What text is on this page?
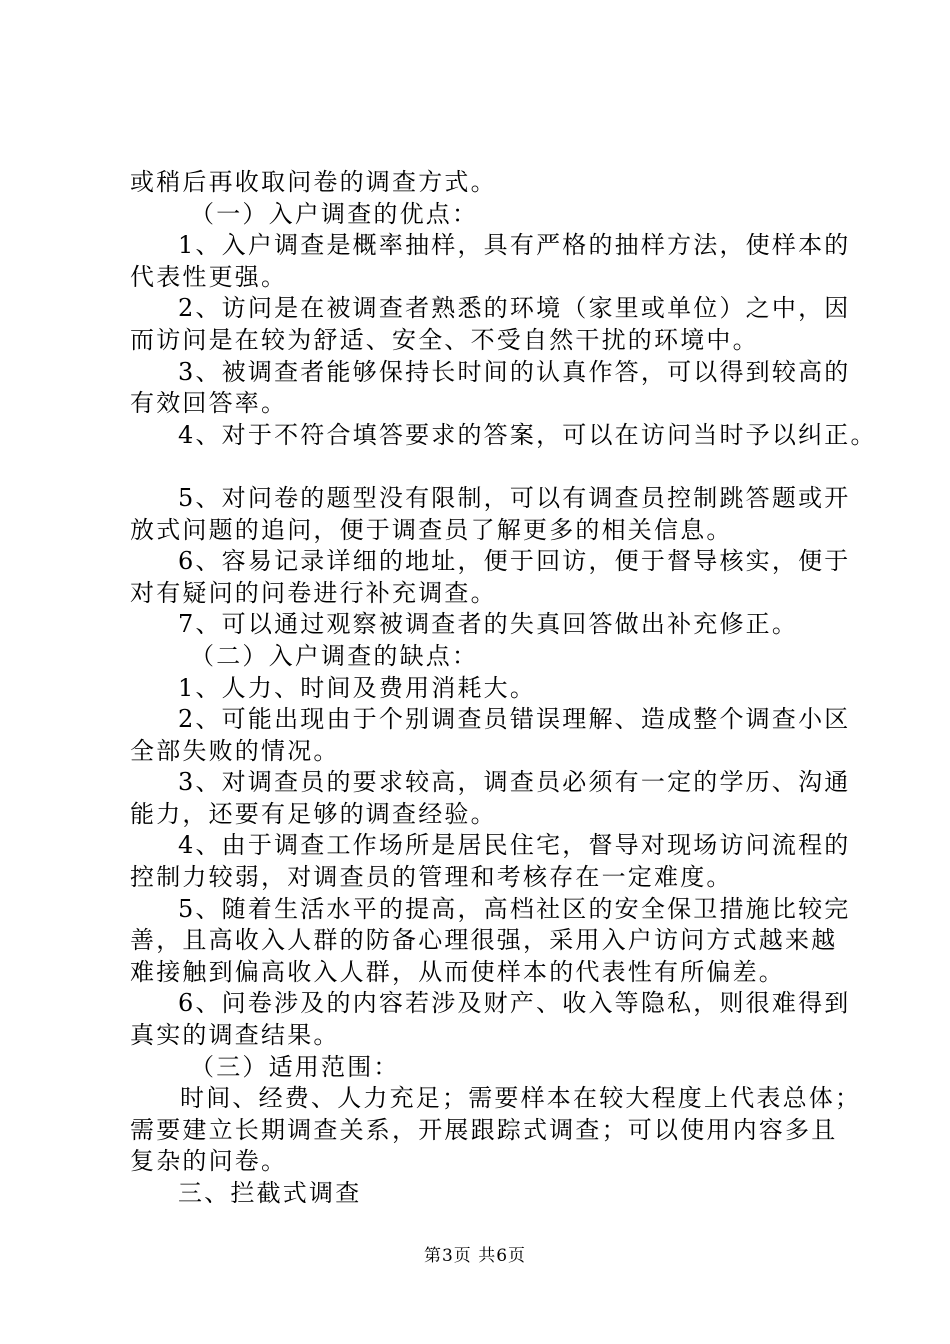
或稍后再收取问卷的调查方式。
（一）入户调查的优点：
1、入户调查是概率抽样，具有严格的抽样方法，使样本的
代表性更强。
2、访问是在被调查者熟悉的环境（家里或单位）之中，因
而访问是在较为舒适、安全、不受自然干扰的环境中。
3、被调查者能够保持长时间的认真作答，可以得到较高的
有效回答率。
4、对于不符合填答要求的答案，可以在访问当时予以纠正。
5、对问卷的题型没有限制，可以有调查员控制跳答题或开
放式问题的追问，便于调查员了解更多的相关信息。
6、容易记录详细的地址，便于回访，便于督导核实，便于
对有疑问的问卷进行补充调查。
7、可以通过观察被调查者的失真回答做出补充修正。
（二）入户调查的缺点：
1、人力、时间及费用消耗大。
2、可能出现由于个别调查员错误理解、造成整个调查小区
全部失败的情况。
3、对调查员的要求较高，调查员必须有一定的学历、沟通
能力，还要有足够的调查经验。
4、由于调查工作场所是居民住宅，督导对现场访问流程的
控制力较弱，对调查员的管理和考核存在一定难度。
5、随着生活水平的提高，高档社区的安全保卫措施比较完
善，且高收入人群的防备心理很强，采用入户访问方式越来越
难接触到偏高收入人群，从而使样本的代表性有所偏差。
6、问卷涉及的内容若涉及财产、收入等隐私，则很难得到
真实的调查结果。
（三）适用范围：
时间、经费、人力充足；需要样本在较大程度上代表总体；
需要建立长期调查关系，开展跟踪式调查；可以使用内容多且
复杂的问卷。
三、拦截式调查
第3页 共6页
